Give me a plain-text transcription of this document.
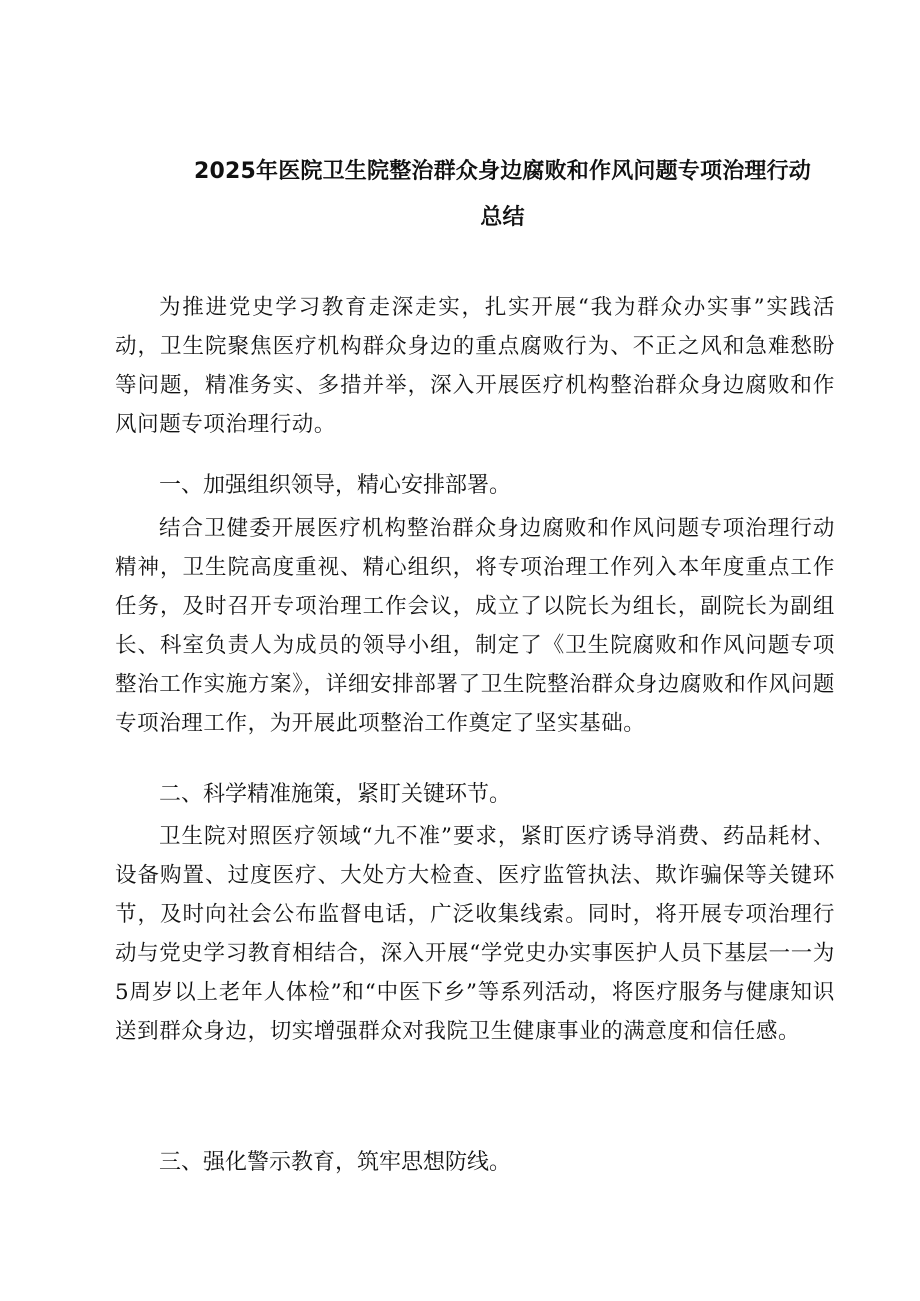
2025年医院卫生院整治群众身边腐败和作风问题专项治理行动
总结
为推进党史学习教育走深走实，扎实开展“我为群众办实事”实践活动，卫生院聚焦医疗机构群众身边的重点腐败行为、不正之风和急难愁盼等问题，精准务实、多措并举，深入开展医疗机构整治群众身边腐败和作风问题专项治理行动。
一、加强组织领导，精心安排部署。
结合卫健委开展医疗机构整治群众身边腐败和作风问题专项治理行动精神，卫生院高度重视、精心组织，将专项治理工作列入本年度重点工作任务，及时召开专项治理工作会议，成立了以院长为组长，副院长为副组长、科室负责人为成员的领导小组，制定了《卫生院腐败和作风问题专项整治工作实施方案》，详细安排部署了卫生院整治群众身边腐败和作风问题专项治理工作，为开展此项整治工作奠定了坚实基础。
二、科学精准施策，紧盯关键环节。
卫生院对照医疗领域“九不准”要求，紧盯医疗诱导消费、药品耗材、设备购置、过度医疗、大处方大检查、医疗监管执法、欺诈骗保等关键环节，及时向社会公布监督电话，广泛收集线索。同时，将开展专项治理行动与党史学习教育相结合，深入开展“学党史办实事医护人员下基层一一为5周岁以上老年人体检”和“中医下乡”等系列活动，将医疗服务与健康知识送到群众身边，切实增强群众对我院卫生健康事业的满意度和信任感。
三、强化警示教育，筑牢思想防线。
